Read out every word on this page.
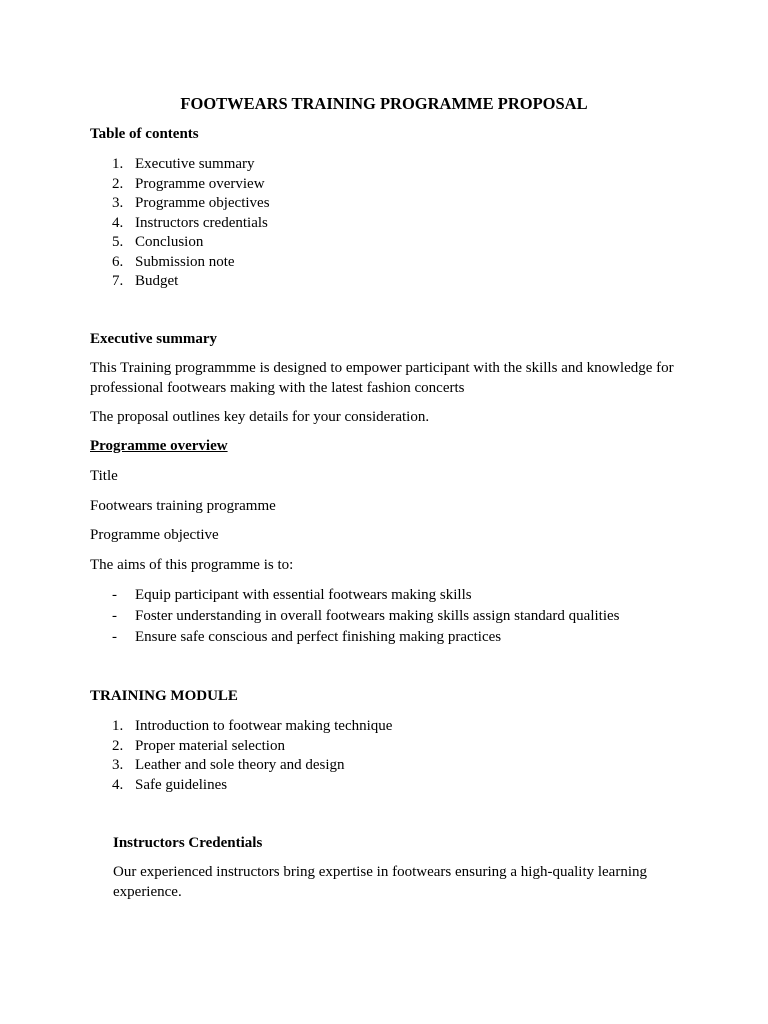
FOOTWEARS TRAINING PROGRAMME PROPOSAL

Table of contents

1. Executive summary
2. Programme overview
3. Programme objectives
4. Instructors credentials
5. Conclusion
6. Submission note
7. Budget

Executive summary

This Training programmme is designed to empower participant with the skills and knowledge for professional footwears making with the latest fashion concerts

The proposal outlines key details for your consideration.

Programme overview

Title

Footwears training programme

Programme objective

The aims of this programme is to:

- Equip participant with essential footwears making skills
- Foster understanding in overall footwears making skills assign standard qualities
- Ensure safe conscious and perfect finishing making practices

TRAINING MODULE

1. Introduction to footwear making technique
2. Proper material selection
3. Leather and sole theory and design
4. Safe guidelines

Instructors Credentials

Our experienced instructors bring expertise in footwears ensuring a high-quality learning experience.
